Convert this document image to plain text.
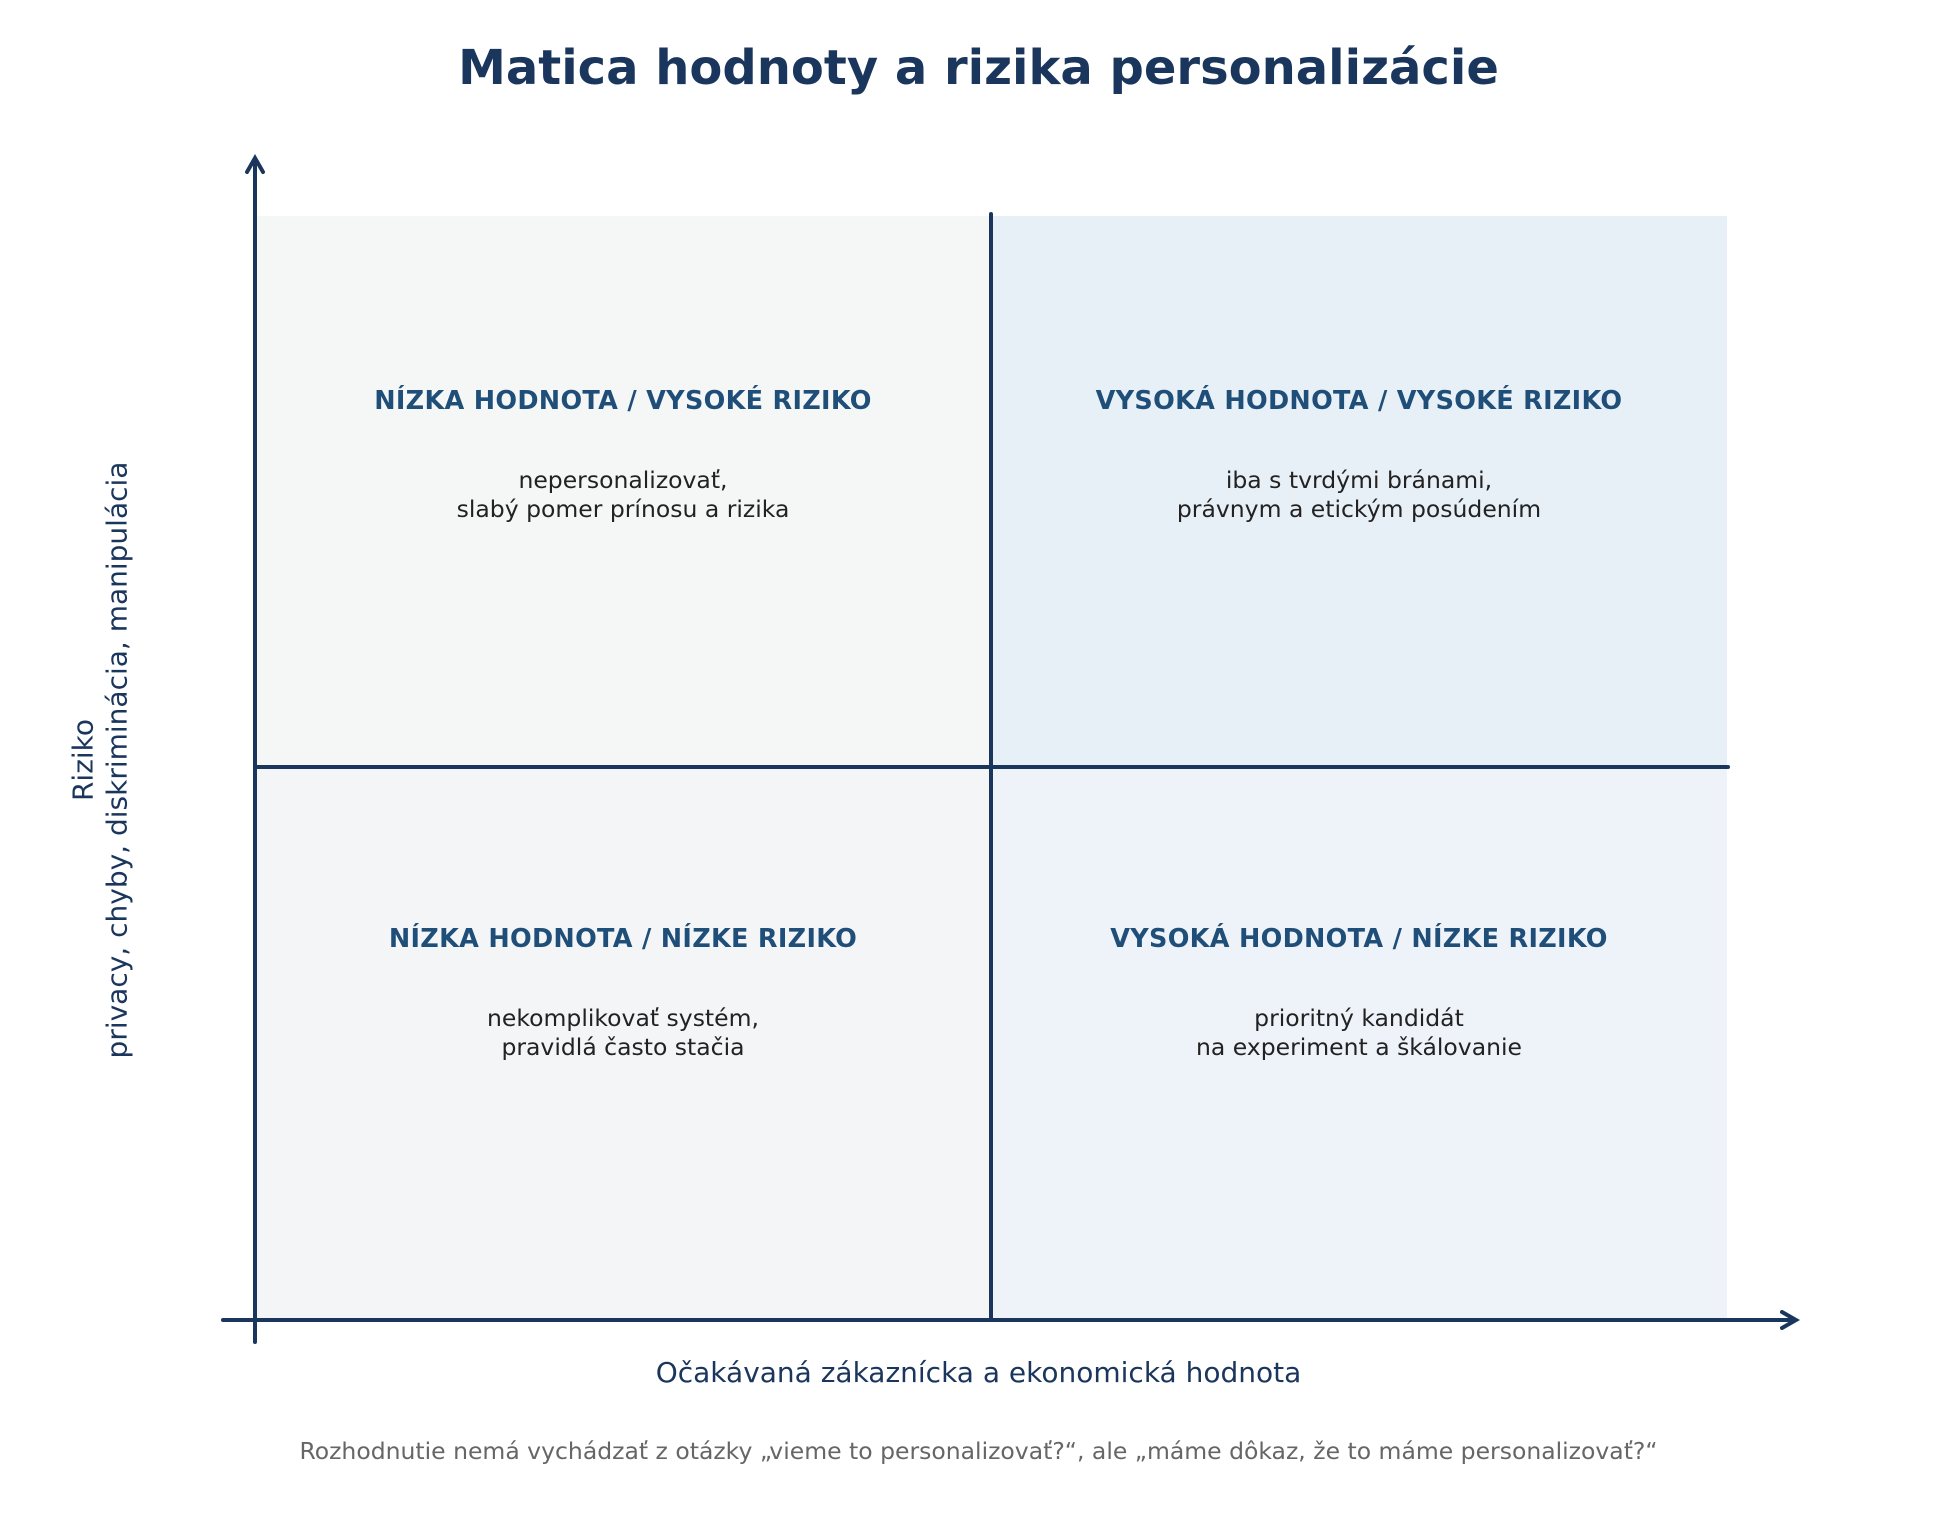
Matica hodnoty a rizika personalizácie
NÍZKA HODNOTA / VYSOKÉ RIZIKO
nepersonalizovať,
slabý pomer prínosu a rizika
VYSOKÁ HODNOTA / VYSOKÉ RIZIKO
iba s tvrdými bránami,
právnym a etickým posúdením
NÍZKA HODNOTA / NÍZKE RIZIKO
nekomplikovať systém,
pravidlá často stačia
VYSOKÁ HODNOTA / NÍZKE RIZIKO
prioritný kandidát
na experiment a škálovanie
Očakávaná zákaznícka a ekonomická hodnota
Riziko privacy, chyby, diskriminácia, manipulácia
Rozhodnutie nemá vychádzať z otázky „vieme to personalizovať?“, ale „máme dôkaz, že to máme personalizovať?“
